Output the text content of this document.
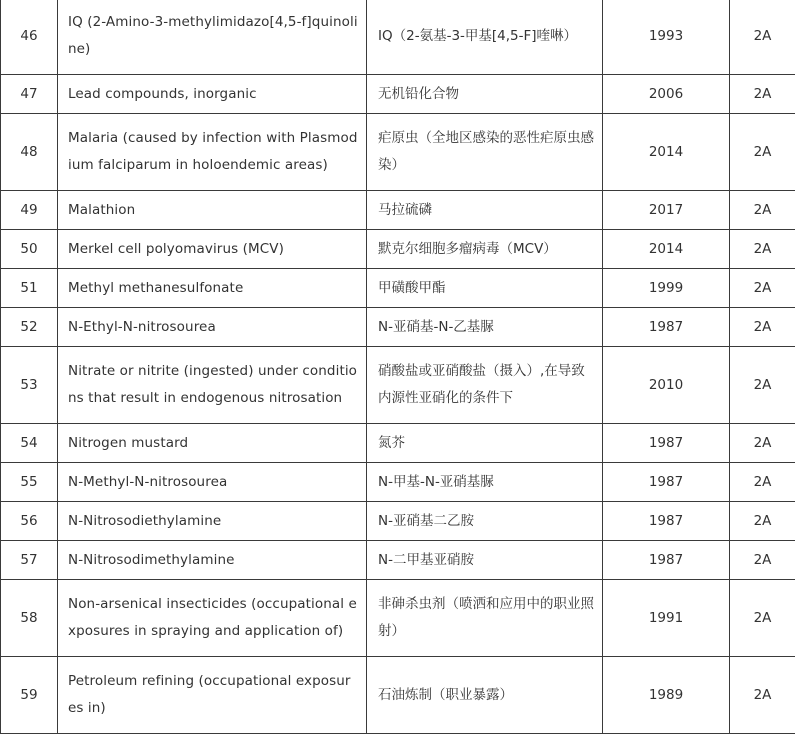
46	IQ (2-Amino-3-methylimidazo[4,5-f]quinoline)	IQ（2-氨基-3-甲基[4,5-F]喹啉）	1993	2A
47	Lead compounds, inorganic	无机铅化合物	2006	2A
48	Malaria (caused by infection with Plasmodium falciparum in holoendemic areas)	疟原虫（全地区感染的恶性疟原虫感染）	2014	2A
49	Malathion	马拉硫磷	2017	2A
50	Merkel cell polyomavirus (MCV)	默克尔细胞多瘤病毒（MCV）	2014	2A
51	Methyl methanesulfonate	甲磺酸甲酯	1999	2A
52	N-Ethyl-N-nitrosourea	N-亚硝基-N-乙基脲	1987	2A
53	Nitrate or nitrite (ingested) under conditions that result in endogenous nitrosation	硝酸盐或亚硝酸盐（摄入）,在导致内源性亚硝化的条件下	2010	2A
54	Nitrogen mustard	氮芥	1987	2A
55	N-Methyl-N-nitrosourea	N-甲基-N-亚硝基脲	1987	2A
56	N-Nitrosodiethylamine	N-亚硝基二乙胺	1987	2A
57	N-Nitrosodimethylamine	N-二甲基亚硝胺	1987	2A
58	Non-arsenical insecticides (occupational exposures in spraying and application of)	非砷杀虫剂（喷洒和应用中的职业照射）	1991	2A
59	Petroleum refining (occupational exposures in)	石油炼制（职业暴露）	1989	2A
